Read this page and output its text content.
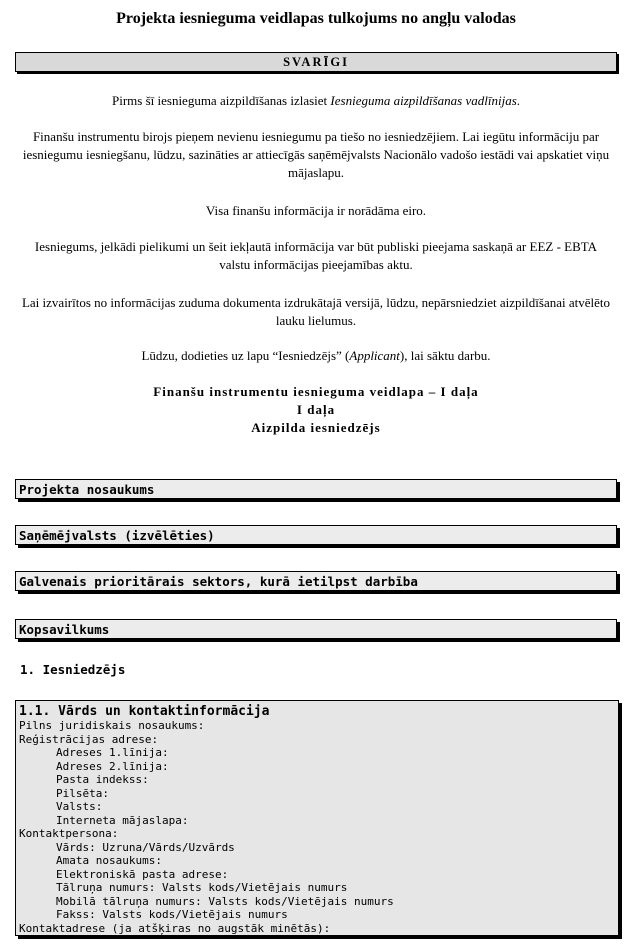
Projekta iesnieguma veidlapas tulkojums no angļu valodas
SVARĪGI
Pirms šī iesnieguma aizpildīšanas izlasiet Iesnieguma aizpildīšanas vadlīnijas.
Finanšu instrumentu birojs pieņem nevienu iesniegumu pa tiešo no iesniedzējiem. Lai iegūtu informāciju par iesniegumu iesniegšanu, lūdzu, sazināties ar attiecīgās saņēmējvalsts Nacionālo vadošo iestādi vai apskatiet viņu mājaslapu.
Visa finanšu informācija ir norādāma eiro.
Iesniegums, jelkādi pielikumi un šeit iekļautā informācija var būt publiski pieejama saskaņā ar EEZ - EBTA valstu informācijas pieejamības aktu.
Lai izvairītos no informācijas zuduma dokumenta izdrukātajā versijā, lūdzu, nepārsniedziet aizpildīšanai atvēlēto lauku lielumus.
Lūdzu, dodieties uz lapu “Iesniedzējs” (Applicant), lai sāktu darbu.
Finanšu instrumentu iesnieguma veidlapa – I daļa
I daļa
Aizpilda iesniedzējs
Projekta nosaukums
Saņēmējvalsts (izvēlēties)
Galvenais prioritārais sektors, kurā ietilpst darbība
Kopsavilkums
1. Iesniedzējs
1.1. Vārds un kontaktinformācija
Pilns juridiskais nosaukums:
Reģistrācijas adrese:
Adreses 1.līnija:
Adreses 2.līnija:
Pasta indekss:
Pilsēta:
Valsts:
Interneta mājaslapa:
Kontaktpersona:
Vārds: Uzruna/Vārds/Uzvārds
Amata nosaukums:
Elektroniskā pasta adrese:
Tālruņa numurs: Valsts kods/Vietējais numurs
Mobilā tālruņa numurs: Valsts kods/Vietējais numurs
Fakss: Valsts kods/Vietējais numurs
Kontaktadrese (ja atšķiras no augstāk minētās):
